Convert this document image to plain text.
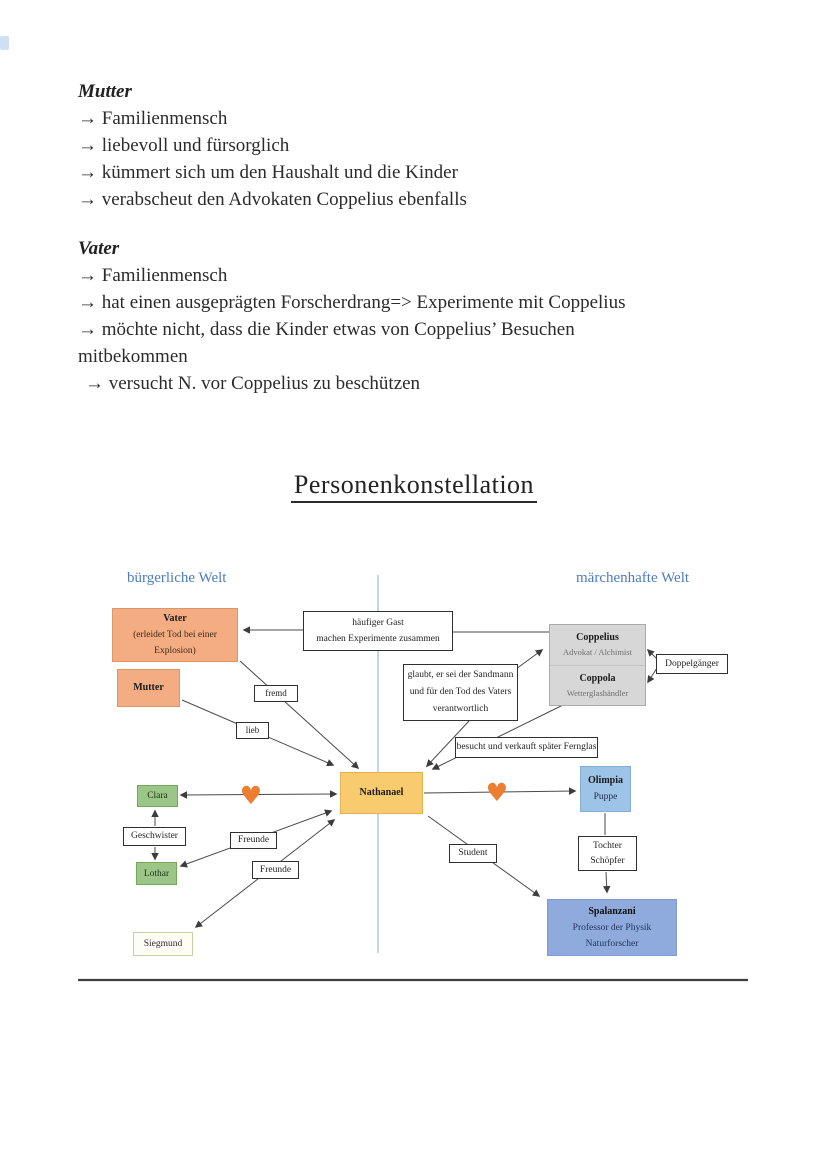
Mutter
→ Familienmensch
→ liebevoll und fürsorglich
→ kümmert sich um den Haushalt und die Kinder
→ verabscheut den Advokaten Coppelius ebenfalls
Vater
→ Familienmensch
→ hat einen ausgeprägten Forscherdrang=> Experimente mit Coppelius
→ möchte nicht, dass die Kinder etwas von Coppelius’ Besuchen
mitbekommen
→ versucht N. vor Coppelius zu beschützen
Personenkonstellation
♥	♥
bürgerliche Welt	märchenhafte Welt
Vater
(erleidet Tod bei einer
Explosion)
Mutter
häufiger Gast
machen Experimente zusammen	Coppelius
Advokat / Alchimist
Coppola
Wetterglashändler
Doppelgänger
fremd
lieb
glaubt, er sei der Sandmann
und für den Tod des Vaters
verantwortlich
besucht und verkauft später Fernglas
Nathanael
Olimpia
Puppe
Clara
Geschwister
Lothar
Freunde
Freunde
Siegmund
Student
Tochter
Schöpfer
Spalanzani
Professor der Physik
Naturforscher
